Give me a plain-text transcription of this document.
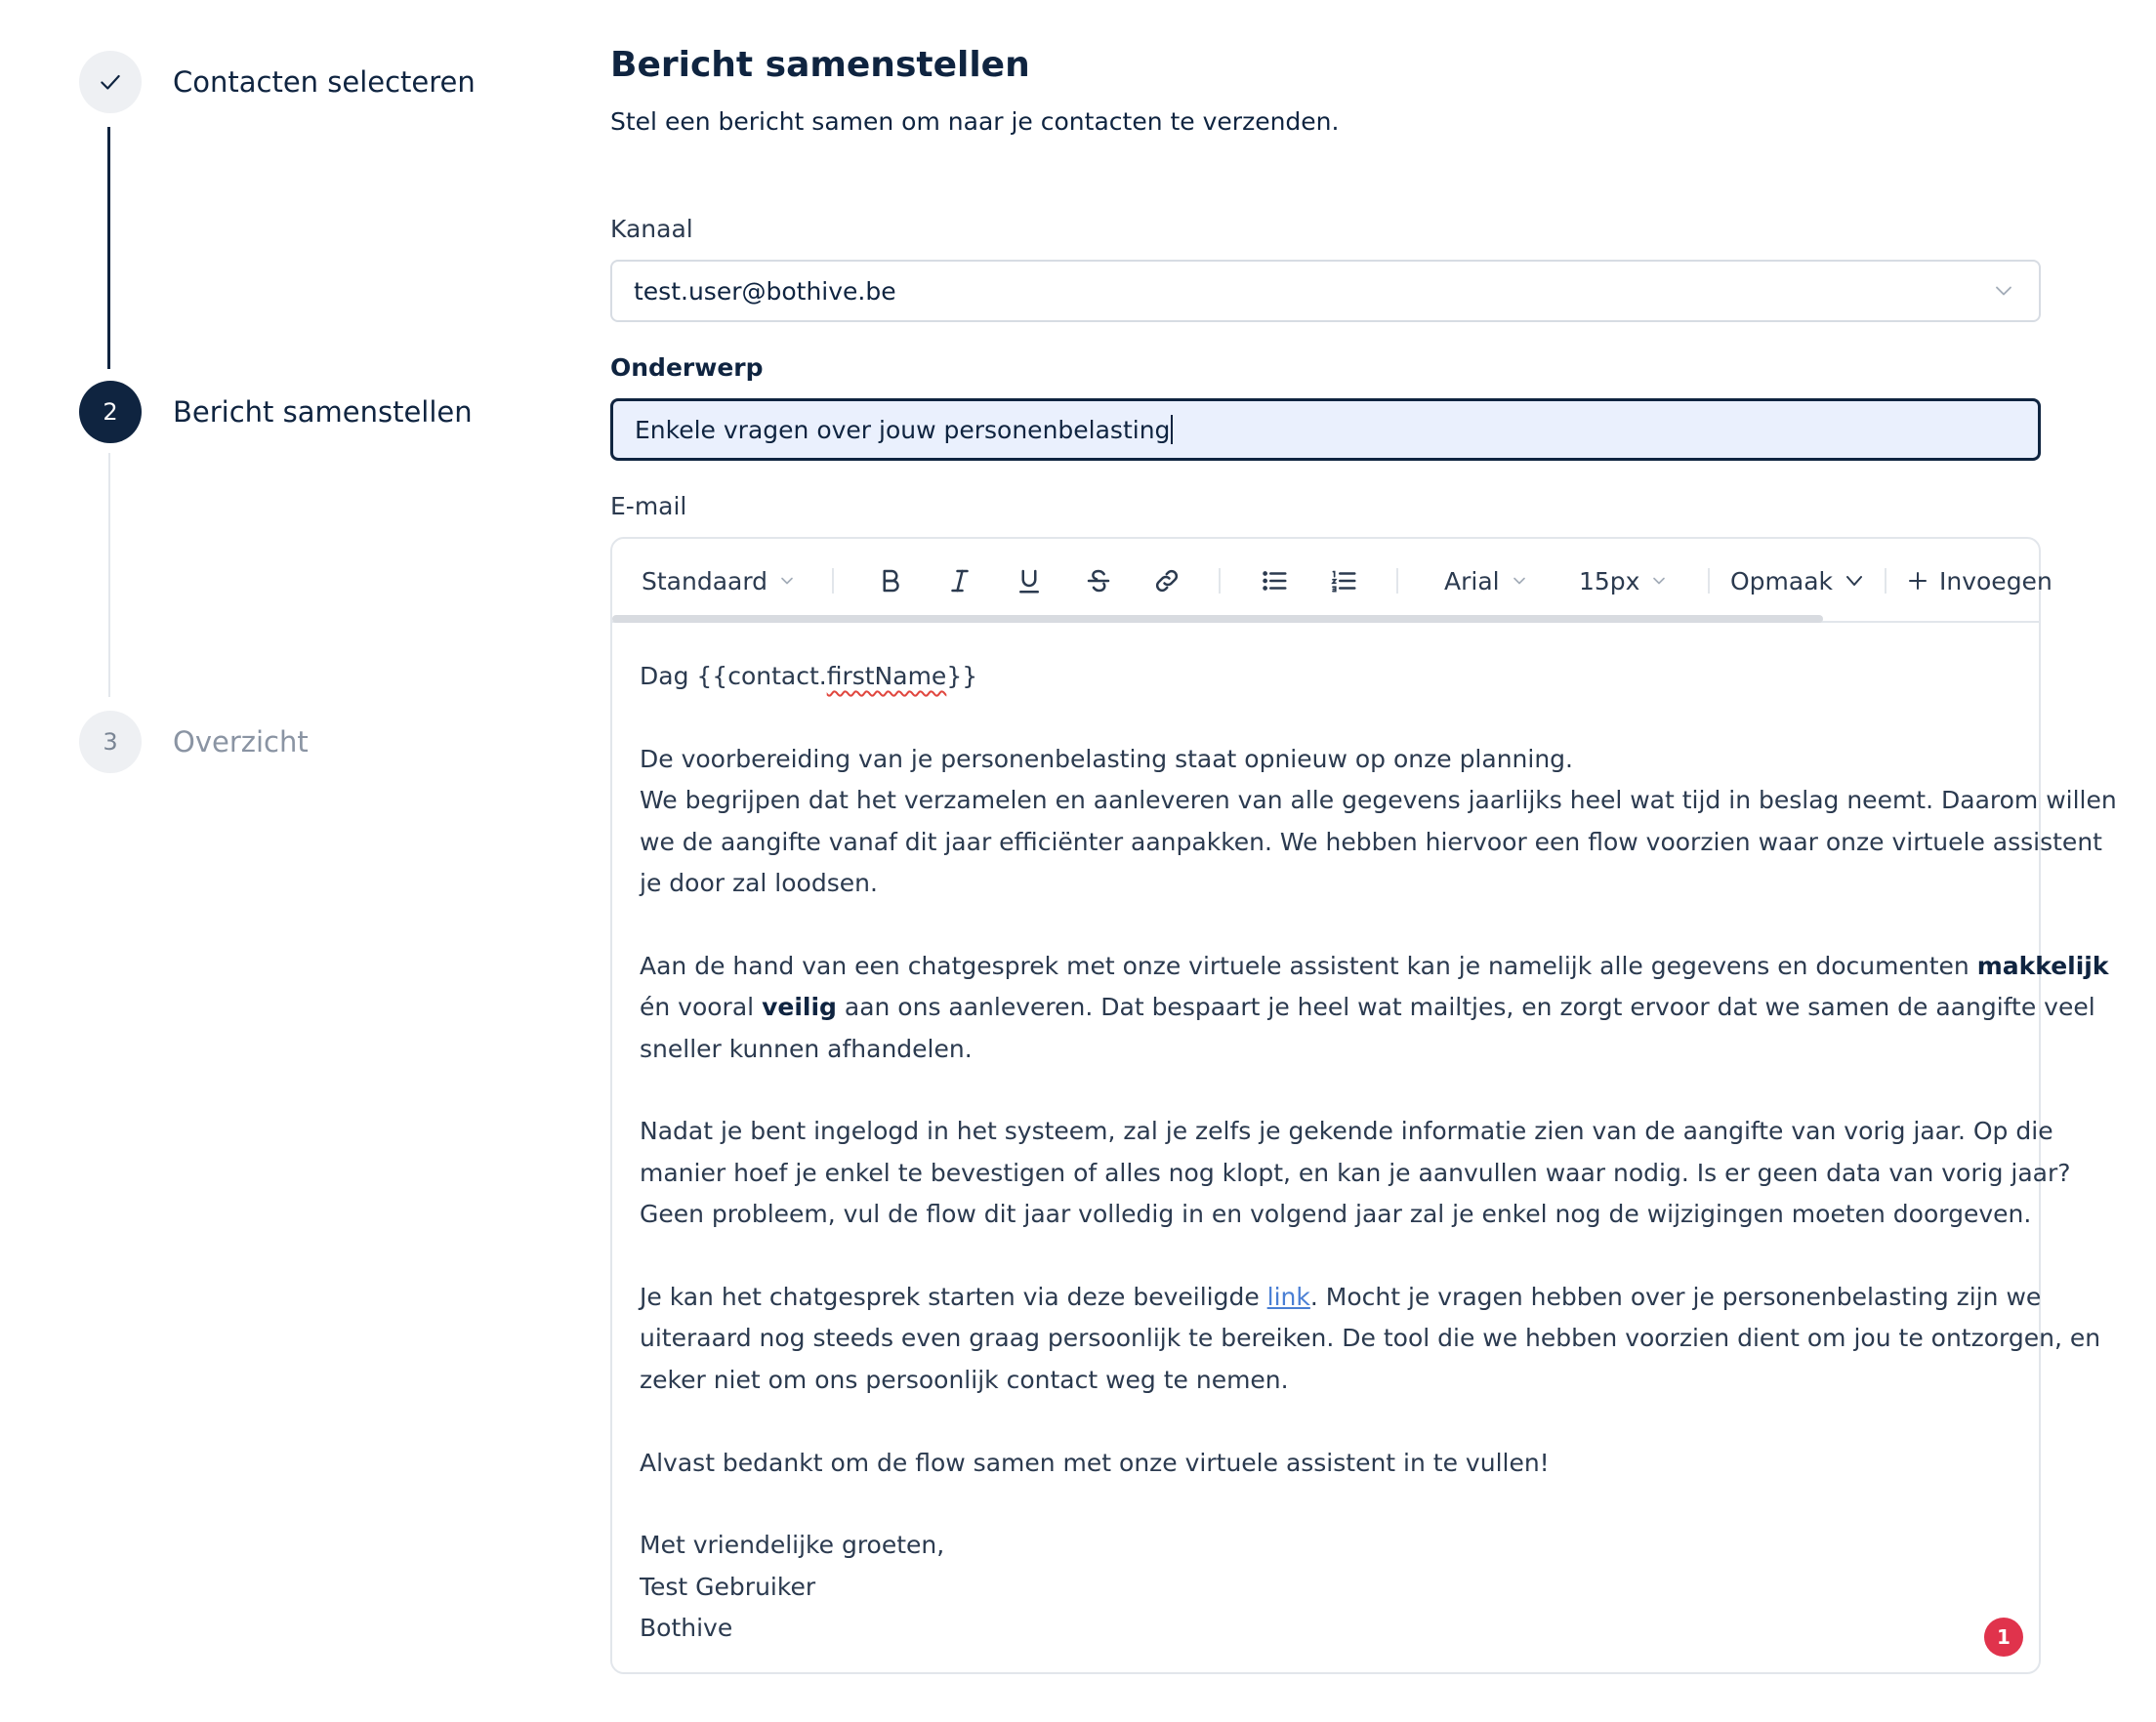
Contacten selecteren
2	Bericht samenstellen
3	Overzicht
Bericht samenstellen

Stel een bericht samen om naar je contacten te verzenden.

Kanaal
test.user@bothive.be
Onderwerp
Enkele vragen over jouw personenbelasting
E-mail
Standaard	Arial	15px	Opmaak	Invoegen

Dag {{contact.firstName}}

De voorbereiding van je personenbelasting staat opnieuw op onze planning.

We begrijpen dat het verzamelen en aanleveren van alle gegevens jaarlijks heel wat tijd in beslag neemt. Daarom willen

we de aangifte vanaf dit jaar efficiënter aanpakken. We hebben hiervoor een flow voorzien waar onze virtuele assistent

je door zal loodsen.

Aan de hand van een chatgesprek met onze virtuele assistent kan je namelijk alle gegevens en documenten makkelijk

én vooral veilig aan ons aanleveren. Dat bespaart je heel wat mailtjes, en zorgt ervoor dat we samen de aangifte veel

sneller kunnen afhandelen.

Nadat je bent ingelogd in het systeem, zal je zelfs je gekende informatie zien van de aangifte van vorig jaar. Op die

manier hoef je enkel te bevestigen of alles nog klopt, en kan je aanvullen waar nodig. Is er geen data van vorig jaar?

Geen probleem, vul de flow dit jaar volledig in en volgend jaar zal je enkel nog de wijzigingen moeten doorgeven.

Je kan het chatgesprek starten via deze beveiligde link. Mocht je vragen hebben over je personenbelasting zijn we

uiteraard nog steeds even graag persoonlijk te bereiken. De tool die we hebben voorzien dient om jou te ontzorgen, en

zeker niet om ons persoonlijk contact weg te nemen.

Alvast bedankt om de flow samen met onze virtuele assistent in te vullen!

Met vriendelijke groeten,

Test Gebruiker

Bothive	1
